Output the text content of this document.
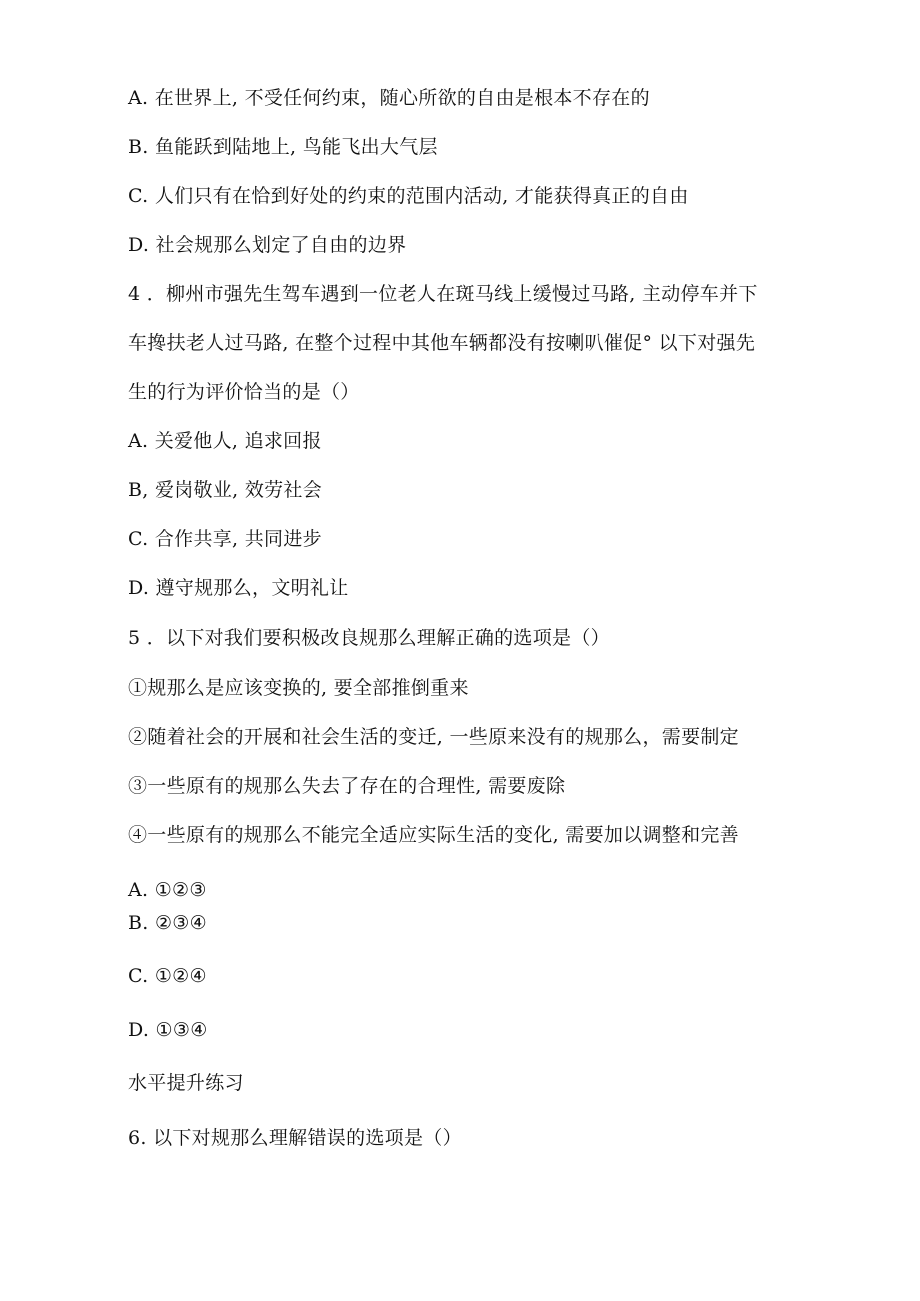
A. 在世界上, 不受任何约束，随心所欲的自由是根本不存在的
B. 鱼能跃到陆地上, 鸟能飞出大气层
C. 人们只有在恰到好处的约束的范围内活动, 才能获得真正的自由
D. 社会规那么划定了自由的边界
4 ．柳州市强先生驾车遇到一位老人在斑马线上缓慢过马路, 主动停车并下
车搀扶老人过马路, 在整个过程中其他车辆都没有按喇叭催促° 以下对强先
生的行为评价恰当的是（）
A. 关爱他人, 追求回报
B, 爱岗敬业, 效劳社会
C. 合作共享, 共同进步
D. 遵守规那么，文明礼让
5 ．以下对我们要积极改良规那么理解正确的选项是（）
①规那么是应该变换的, 要全部推倒重来
②随着社会的开展和社会生活的变迁, 一些原来没有的规那么，需要制定
③一些原有的规那么失去了存在的合理性, 需要废除
④一些原有的规那么不能完全适应实际生活的变化, 需要加以调整和完善
A. ①②③
B. ②③④
C. ①②④
D. ①③④
水平提升练习
6. 以下对规那么理解错误的选项是（）
